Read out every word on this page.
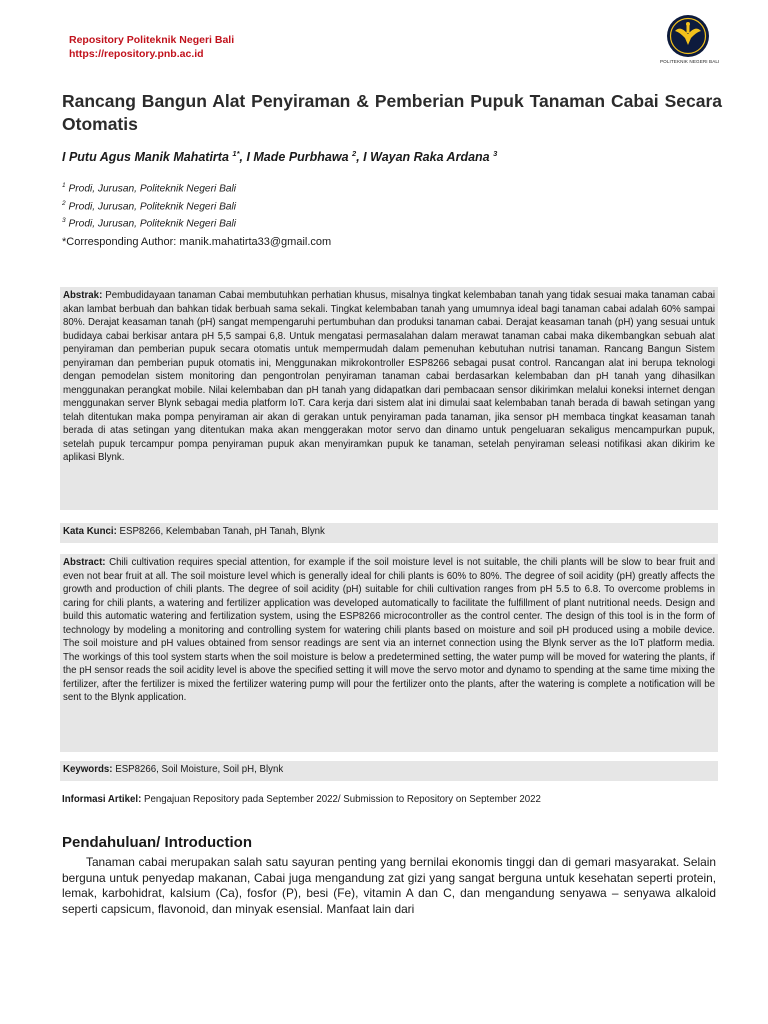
Repository Politeknik Negeri Bali
https://repository.pnb.ac.id
POLITEKNIK NEGERI BALI
Rancang Bangun Alat Penyiraman & Pemberian Pupuk Tanaman Cabai Secara Otomatis
I Putu Agus Manik Mahatirta $^{1*}$, I Made Purbhawa $^2$, I Wayan Raka Ardana $^3$
$^1$ Prodi, Jurusan, Politeknik Negeri Bali
$^2$ Prodi, Jurusan, Politeknik Negeri Bali
$^3$ Prodi, Jurusan, Politeknik Negeri Bali
*Corresponding Author: manik.mahatirta33@gmail.com
Abstrak: Pembudidayaan tanaman Cabai membutuhkan perhatian khusus, misalnya tingkat kelembaban tanah yang tidak sesuai maka tanaman cabai akan lambat berbuah dan bahkan tidak berbuah sama sekali. Tingkat kelembaban tanah yang umumnya ideal bagi tanaman cabai adalah 60% sampai 80%. Derajat keasaman tanah (pH) sangat mempengaruhi pertumbuhan dan produksi tanaman cabai. Derajat keasaman tanah (pH) yang sesuai untuk budidaya cabai berkisar antara pH 5,5 sampai 6,8. Untuk mengatasi permasalahan dalam merawat tanaman cabai maka dikembangkan sebuah alat penyiraman dan pemberian pupuk secara otomatis untuk mempermudah dalam pemenuhan kebutuhan nutrisi tanaman. Rancang Bangun Sistem penyiraman dan pemberian pupuk otomatis ini, Menggunakan mikrokontroller ESP8266 sebagai pusat control. Rancangan alat ini berupa teknologi dengan pemodelan sistem monitoring dan pengontrolan penyiraman tanaman cabai berdasarkan kelembaban dan pH tanah yang dihasilkan menggunakan perangkat mobile. Nilai kelembaban dan pH tanah yang didapatkan dari pembacaan sensor dikirimkan melalui koneksi internet dengan menggunakan server Blynk sebagai media platform IoT. Cara kerja dari sistem alat ini dimulai saat kelembaban tanah berada di bawah setingan yang telah ditentukan maka pompa penyiraman air akan di gerakan untuk penyiraman pada tanaman, jika sensor pH membaca tingkat keasaman tanah berada di atas setingan yang ditentukan maka akan menggerakan motor servo dan dinamo untuk pengeluaran sekaligus mencampurkan pupuk, setelah pupuk tercampur pompa penyiraman pupuk akan menyiramkan pupuk ke tanaman, setelah penyiraman seleasi notifikasi akan dikirim ke aplikasi Blynk.
Kata Kunci: ESP8266, Kelembaban Tanah, pH Tanah, Blynk
Abstract: Chili cultivation requires special attention, for example if the soil moisture level is not suitable, the chili plants will be slow to bear fruit and even not bear fruit at all. The soil moisture level which is generally ideal for chili plants is 60% to 80%. The degree of soil acidity (pH) greatly affects the growth and production of chili plants. The degree of soil acidity (pH) suitable for chili cultivation ranges from pH 5.5 to 6.8. To overcome problems in caring for chili plants, a watering and fertilizer application was developed automatically to facilitate the fulfillment of plant nutritional needs. Design and build this automatic watering and fertilization system, using the ESP8266 microcontroller as the control center. The design of this tool is in the form of technology by modeling a monitoring and controlling system for watering chili plants based on moisture and soil pH produced using a mobile device. The soil moisture and pH values obtained from sensor readings are sent via an internet connection using the Blynk server as the IoT platform media. The workings of this tool system starts when the soil moisture is below a predetermined setting, the water pump will be moved for watering the plants, if the pH sensor reads the soil acidity level is above the specified setting it will move the servo motor and dynamo to spending at the same time mixing the fertilizer, after the fertilizer is mixed the fertilizer watering pump will pour the fertilizer onto the plants, after the watering is complete a notification will be sent to the Blynk application.
Keywords: ESP8266, Soil Moisture, Soil pH, Blynk
Informasi Artikel: Pengajuan Repository pada September 2022/ Submission to Repository on September 2022
Pendahuluan/ Introduction
Tanaman cabai merupakan salah satu sayuran penting yang bernilai ekonomis tinggi dan di gemari masyarakat. Selain berguna untuk penyedap makanan, Cabai juga mengandung zat gizi yang sangat berguna untuk kesehatan seperti protein, lemak, karbohidrat, kalsium (Ca), fosfor (P), besi (Fe), vitamin A dan C, dan mengandung senyawa – senyawa alkaloid seperti capsicum, flavonoid, dan minyak esensial. Manfaat lain dari
